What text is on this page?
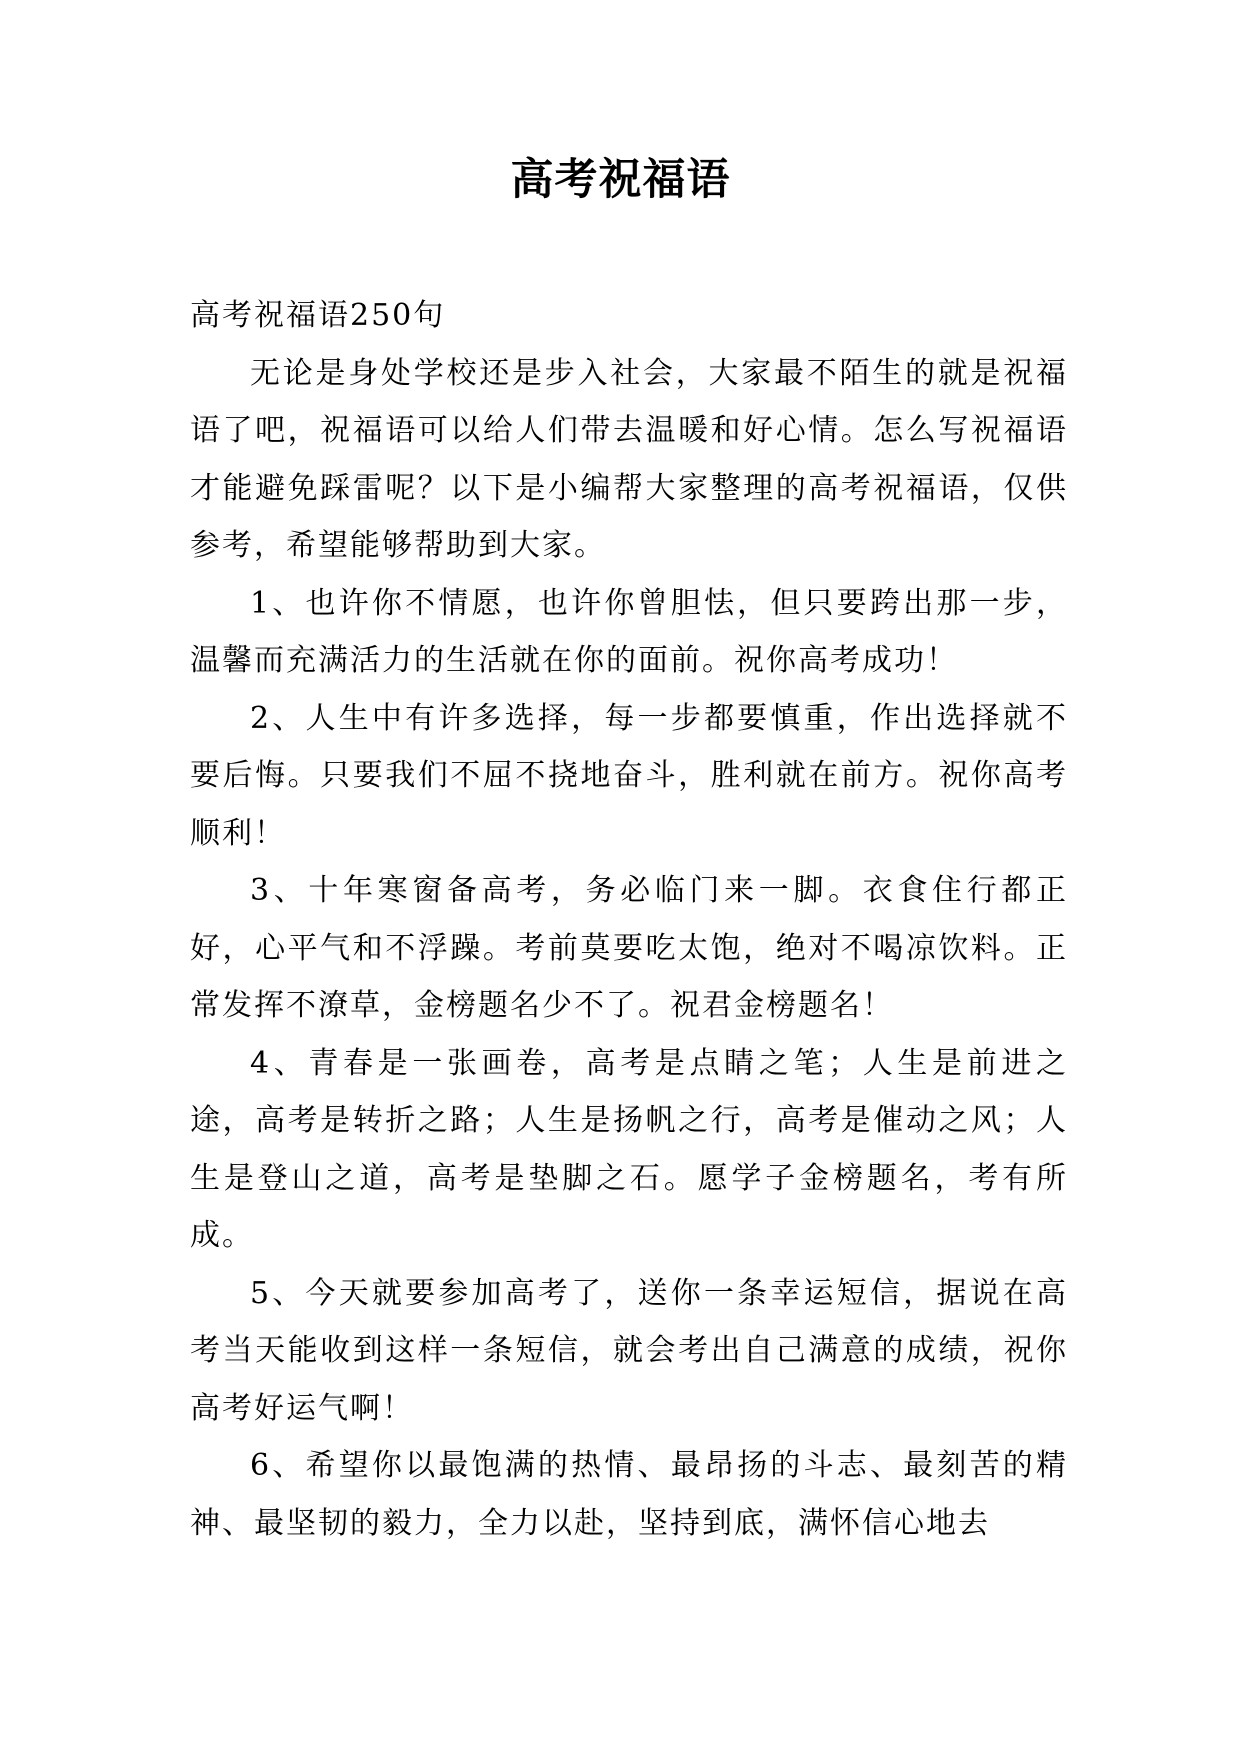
高考祝福语

高考祝福语250句

无论是身处学校还是步入社会，大家最不陌生的就是祝福语了吧，祝福语可以给人们带去温暖和好心情。怎么写祝福语才能避免踩雷呢？以下是小编帮大家整理的高考祝福语，仅供参考，希望能够帮助到大家。

1、也许你不情愿，也许你曾胆怯，但只要跨出那一步，温馨而充满活力的生活就在你的面前。祝你高考成功！

2、人生中有许多选择，每一步都要慎重，作出选择就不要后悔。只要我们不屈不挠地奋斗，胜利就在前方。祝你高考顺利！

3、十年寒窗备高考，务必临门来一脚。衣食住行都正好，心平气和不浮躁。考前莫要吃太饱，绝对不喝凉饮料。正常发挥不潦草，金榜题名少不了。祝君金榜题名！

4、青春是一张画卷，高考是点睛之笔；人生是前进之途，高考是转折之路；人生是扬帆之行，高考是催动之风；人生是登山之道，高考是垫脚之石。愿学子金榜题名，考有所成。

5、今天就要参加高考了，送你一条幸运短信，据说在高考当天能收到这样一条短信，就会考出自己满意的成绩，祝你高考好运气啊！

6、希望你以最饱满的热情、最昂扬的斗志、最刻苦的精神、最坚韧的毅力，全力以赴，坚持到底，满怀信心地去
